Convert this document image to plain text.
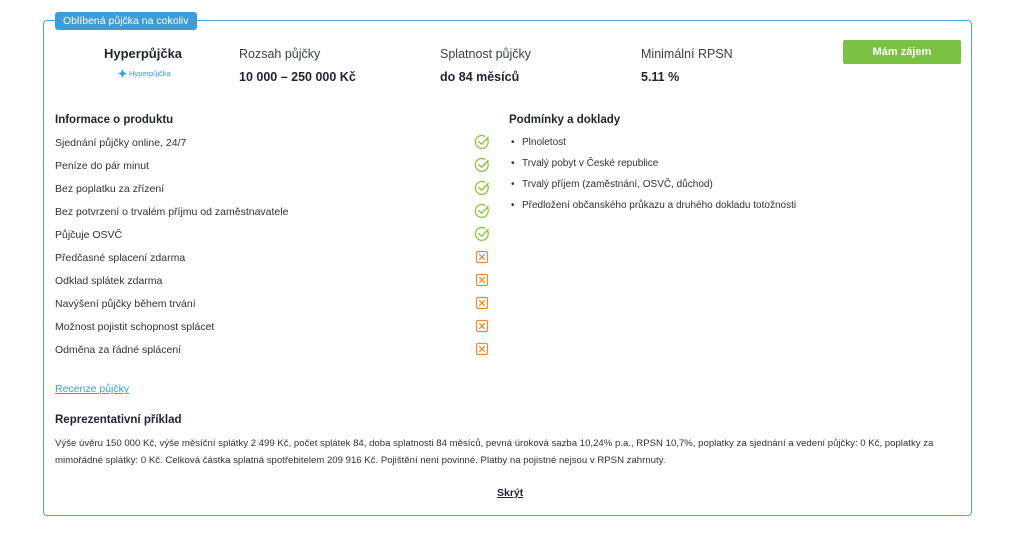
Oblíbená půjčka na cokoliv
Hyperpůjčka
Hyperpůjčka
Rozsah půjčky
10 000 – 250 000 Kč
Splatnost půjčky
do 84 měsíců
Minimální RPSN
5.11 %
Mám zájem
Informace o produktu
Sjednání půjčky online, 24/7
Peníze do pár minut
Bez poplatku za zřízení
Bez potvrzení o trvalém příjmu od zaměstnavatele
Půjčuje OSVČ
Předčasné splacení zdarma
Odklad splátek zdarma
Navýšení půjčky během trvání
Možnost pojistit schopnost splácet
Odměna za řádné splácení
Podmínky a doklady
• Plnoletost
• Trvalý pobyt v České republice
• Trvalý příjem (zaměstnání, OSVČ, důchod)
• Předložení občanského průkazu a druhého dokladu totožnosti
Recenze půjčky
Reprezentativní příklad
Výše úvěru 150 000 Kč, výše měsíční splátky 2 499 Kč, počet splátek 84, doba splatnosti 84 měsíců, pevná úroková sazba 10,24% p.a., RPSN 10,7%, poplatky za sjednání a vedení půjčky: 0 Kč, poplatky za mimořádné splátky: 0 Kč. Celková částka splatná spotřebitelem 209 916 Kč. Pojištění není povinné. Platby na pojistné nejsou v RPSN zahrnuty.
Skrýt
